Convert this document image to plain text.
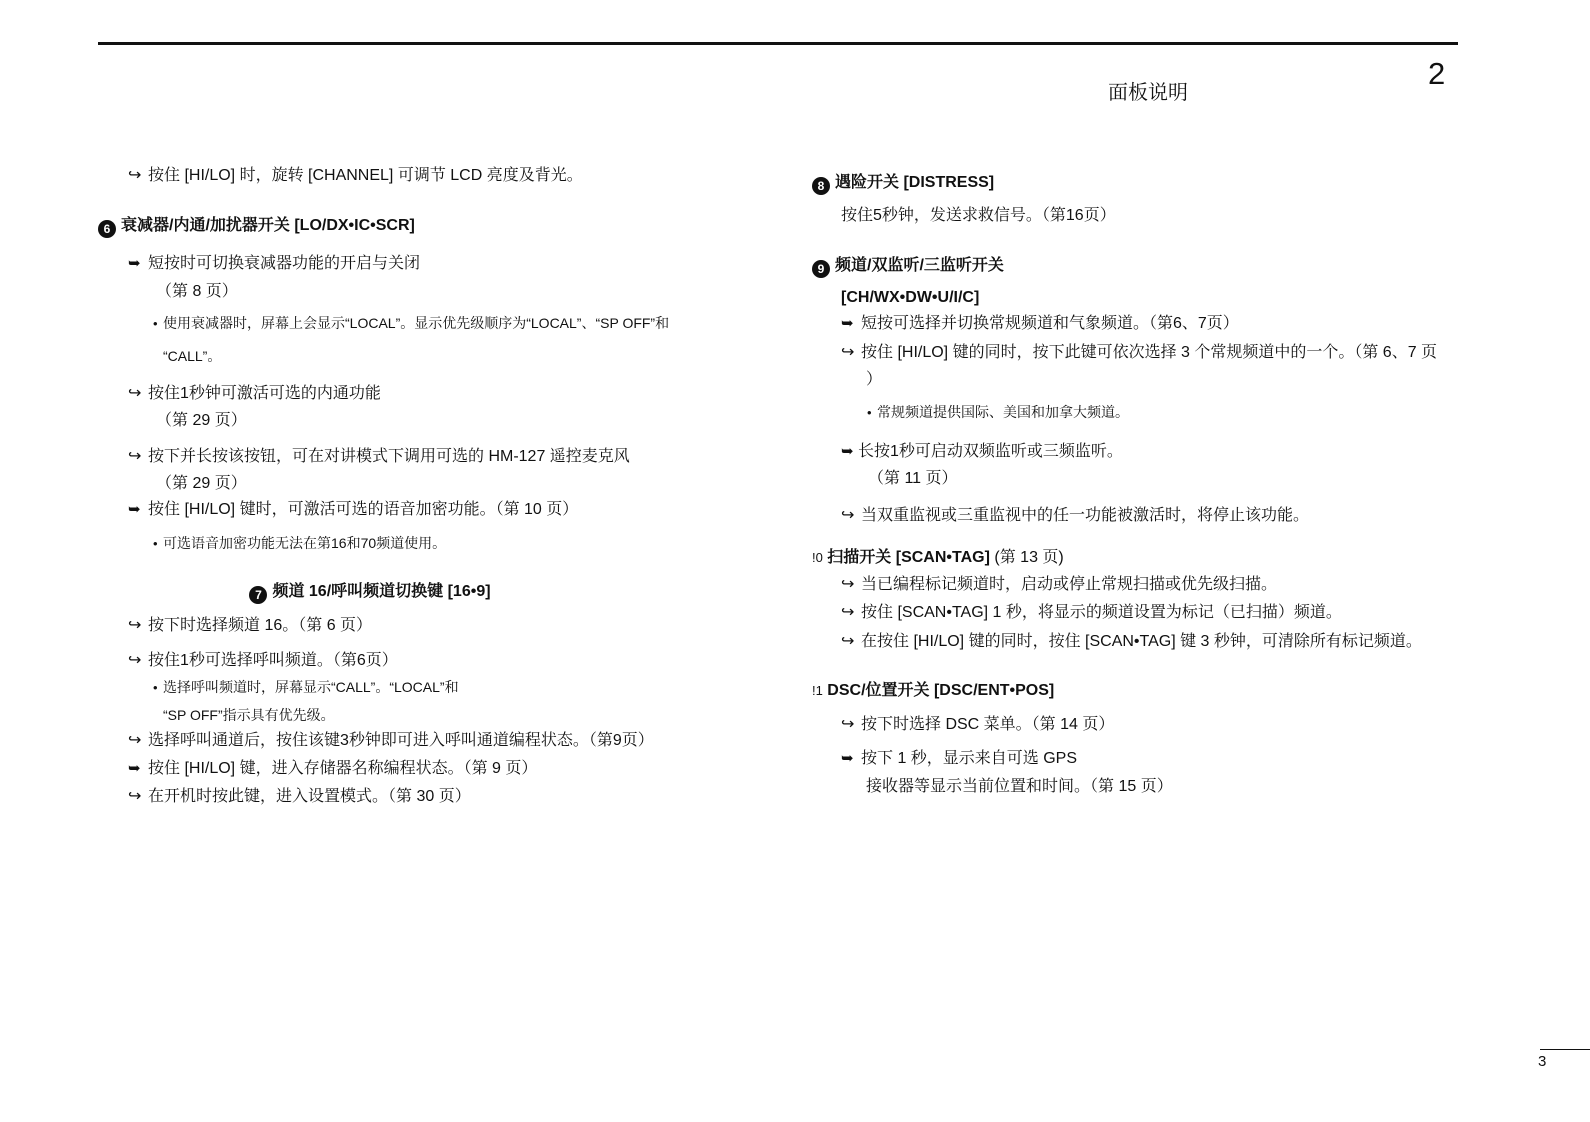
面板说明
2
↪ 按住 [HI/LO] 时，旋转 [CHANNEL] 可调节 LCD 亮度及背光。
6 衰减器/内通/加扰器开关 [LO/DX•IC•SCR]
➥ 短按时可切换衰减器功能的开启与关闭
（第 8 页）
• 使用衰减器时，屏幕上会显示“LOCAL”。显示优先级顺序为“LOCAL”、“SP OFF”和
“CALL”。
↪ 按住1秒钟可激活可选的内通功能
（第 29 页）
↪ 按下并长按该按钮，可在对讲模式下调用可选的 HM-127 遥控麦克风
（第 29 页）
➥ 按住 [HI/LO] 键时，可激活可选的语音加密功能。（第 10 页）
• 可选语音加密功能无法在第16和70频道使用。
7 频道 16/呼叫频道切换键 [16•9]
↪ 按下时选择频道 16。（第 6 页）
↪ 按住1秒可选择呼叫频道。（第6页）
• 选择呼叫频道时，屏幕显示“CALL”。“LOCAL”和
“SP OFF”指示具有优先级。
↪ 选择呼叫通道后，按住该键3秒钟即可进入呼叫通道编程状态。（第9页）
➥ 按住 [HI/LO] 键，进入存储器名称编程状态。（第 9 页）
↪ 在开机时按此键，进入设置模式。（第 30 页）
8 遇险开关 [DISTRESS]
按住5秒钟，发送求救信号。（第16页）
9 频道/双监听/三监听开关
[CH/WX•DW•U/I/C]
➥ 短按可选择并切换常规频道和气象频道。（第6、7页）
↪ 按住 [HI/LO] 键的同时，按下此键可依次选择 3 个常规频道中的一个。（第 6、7 页
）
• 常规频道提供国际、美国和加拿大频道。
➥ 长按1秒可启动双频监听或三频监听。
（第 11 页）
↪ 当双重监视或三重监视中的任一功能被激活时，将停止该功能。
!0 扫描开关 [SCAN•TAG] (第 13 页)
↪ 当已编程标记频道时，启动或停止常规扫描或优先级扫描。
↪ 按住 [SCAN•TAG] 1 秒，将显示的频道设置为标记（已扫描）频道。
↪ 在按住 [HI/LO] 键的同时，按住 [SCAN•TAG] 键 3 秒钟，可清除所有标记频道。
!1 DSC/位置开关 [DSC/ENT•POS]
↪ 按下时选择 DSC 菜单。（第 14 页）
➥ 按下 1 秒，显示来自可选 GPS
接收器等显示当前位置和时间。（第 15 页）
3
